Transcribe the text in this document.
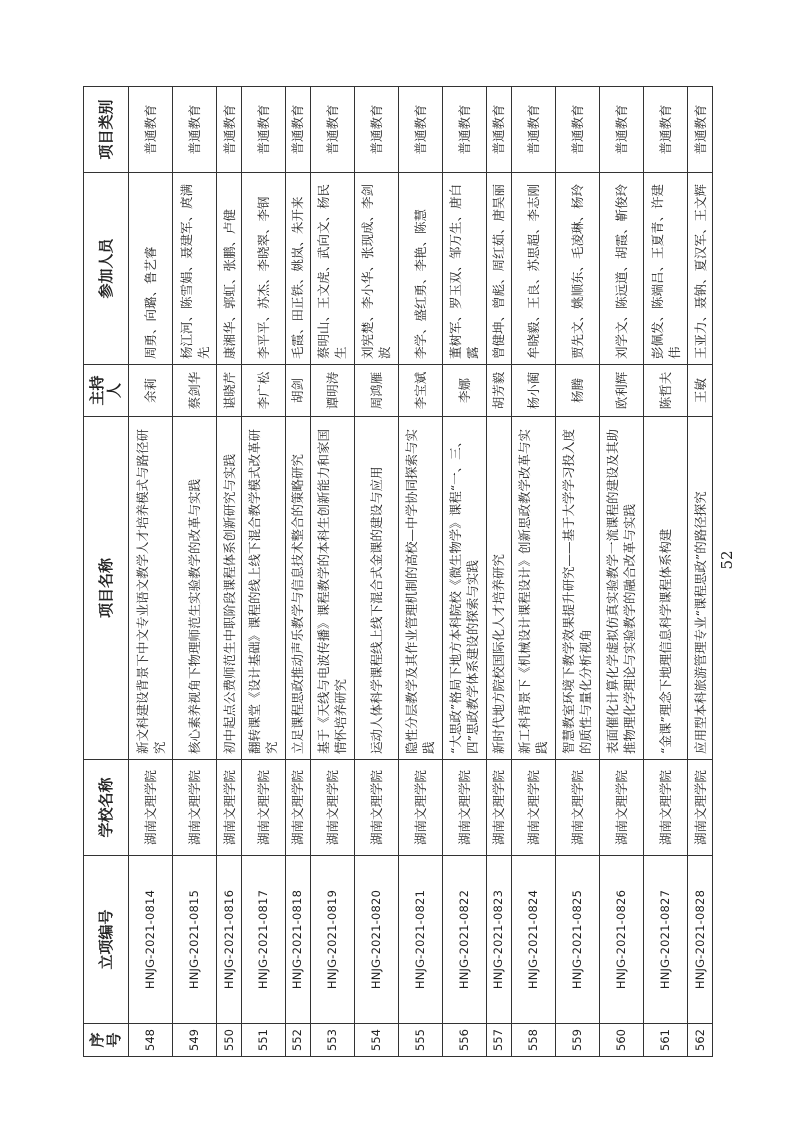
序号	立项编号	学校名称	项目名称	主持人	参加人员	项目类别
548	HNJG-2021-0814	湖南文理学院	新文科建设背景下中文专业语文教学人才培养模式与路径研究	余莉	周勇、向璐、鲁艺睿	普通教育
549	HNJG-2021-0815	湖南文理学院	核心素养视角下物理师范生实验教学的改革与实践	蔡剑华	杨江河、陈雪娟、聂建军、庹满先	普通教育
550	HNJG-2021-0816	湖南文理学院	初中起点公费师范生中职阶段课程体系创新研究与实践	谌晓芹	康湘华、郭虹、张鹏、卢健	普通教育
551	HNJG-2021-0817	湖南文理学院	翻转课堂《设计基础》课程的线上线下混合教学模式改革研究	李广松	李平平、苏杰、李晓翠、李钢	普通教育
552	HNJG-2021-0818	湖南文理学院	立足课程思政推动声乐教学与信息技术整合的策略研究	胡剑	毛霞、田正铁、姚岚、朱开来	普通教育
553	HNJG-2021-0819	湖南文理学院	基于《天线与电波传播》课程教学的本科生创新能力和家国情怀培养研究	谭明涛	蔡明山、王文虎、武向文、杨民生	普通教育
554	HNJG-2021-0820	湖南文理学院	运动人体科学课程线上线下混合式金课的建设与应用	周鸿雁	刘宪楚、李小华、张现成、李剑波	普通教育
555	HNJG-2021-0821	湖南文理学院	隐性分层教学及其作业管理机制的高校—中学协同探索与实践	李宝斌	李学、盛红勇、李艳、陈慧	普通教育
556	HNJG-2021-0822	湖南文理学院	“大思政”格局下地方本科院校《微生物学》课程“一、三、四”思政教学体系建设的探索与实践	李娜	董树军、罗玉双、邹万生、唐白露	普通教育
557	HNJG-2021-0823	湖南文理学院	新时代地方院校国际化人才培养研究	胡芳毅	曾健坤、曾彪、周红茹、唐昊丽	普通教育
558	HNJG-2021-0824	湖南文理学院	新工科背景下《机械设计课程设计》创新思政教学改革与实践	杨小蔺	牟晓毅、王良、苏思超、李志刚	普通教育
559	HNJG-2021-0825	湖南文理学院	智慧教室环境下教学效果提升研究——基于大学学习投入度的质性与量化分析视角	杨腾	贾先文、姚顺东、毛凌琳、杨玲	普通教育
560	HNJG-2021-0826	湖南文理学院	表面催化计算化学虚拟仿真实验教学一流课程的建设及其助推物理化学理论与实验教学的融合改革与实践	欧利辉	刘学文、陈远道、胡霞、靳俊玲	普通教育
561	HNJG-2021-0827	湖南文理学院	“金课”理念下地理信息科学课程体系构建	陈哲夫	彭佩发、陈端吕、王夏青、许建伟	普通教育
562	HNJG-2021-0828	湖南文理学院	应用型本科旅游管理专业“课程思政”的路径探究	王敏	王亚力、聂钠、夏汉军、王文辉	普通教育
52
